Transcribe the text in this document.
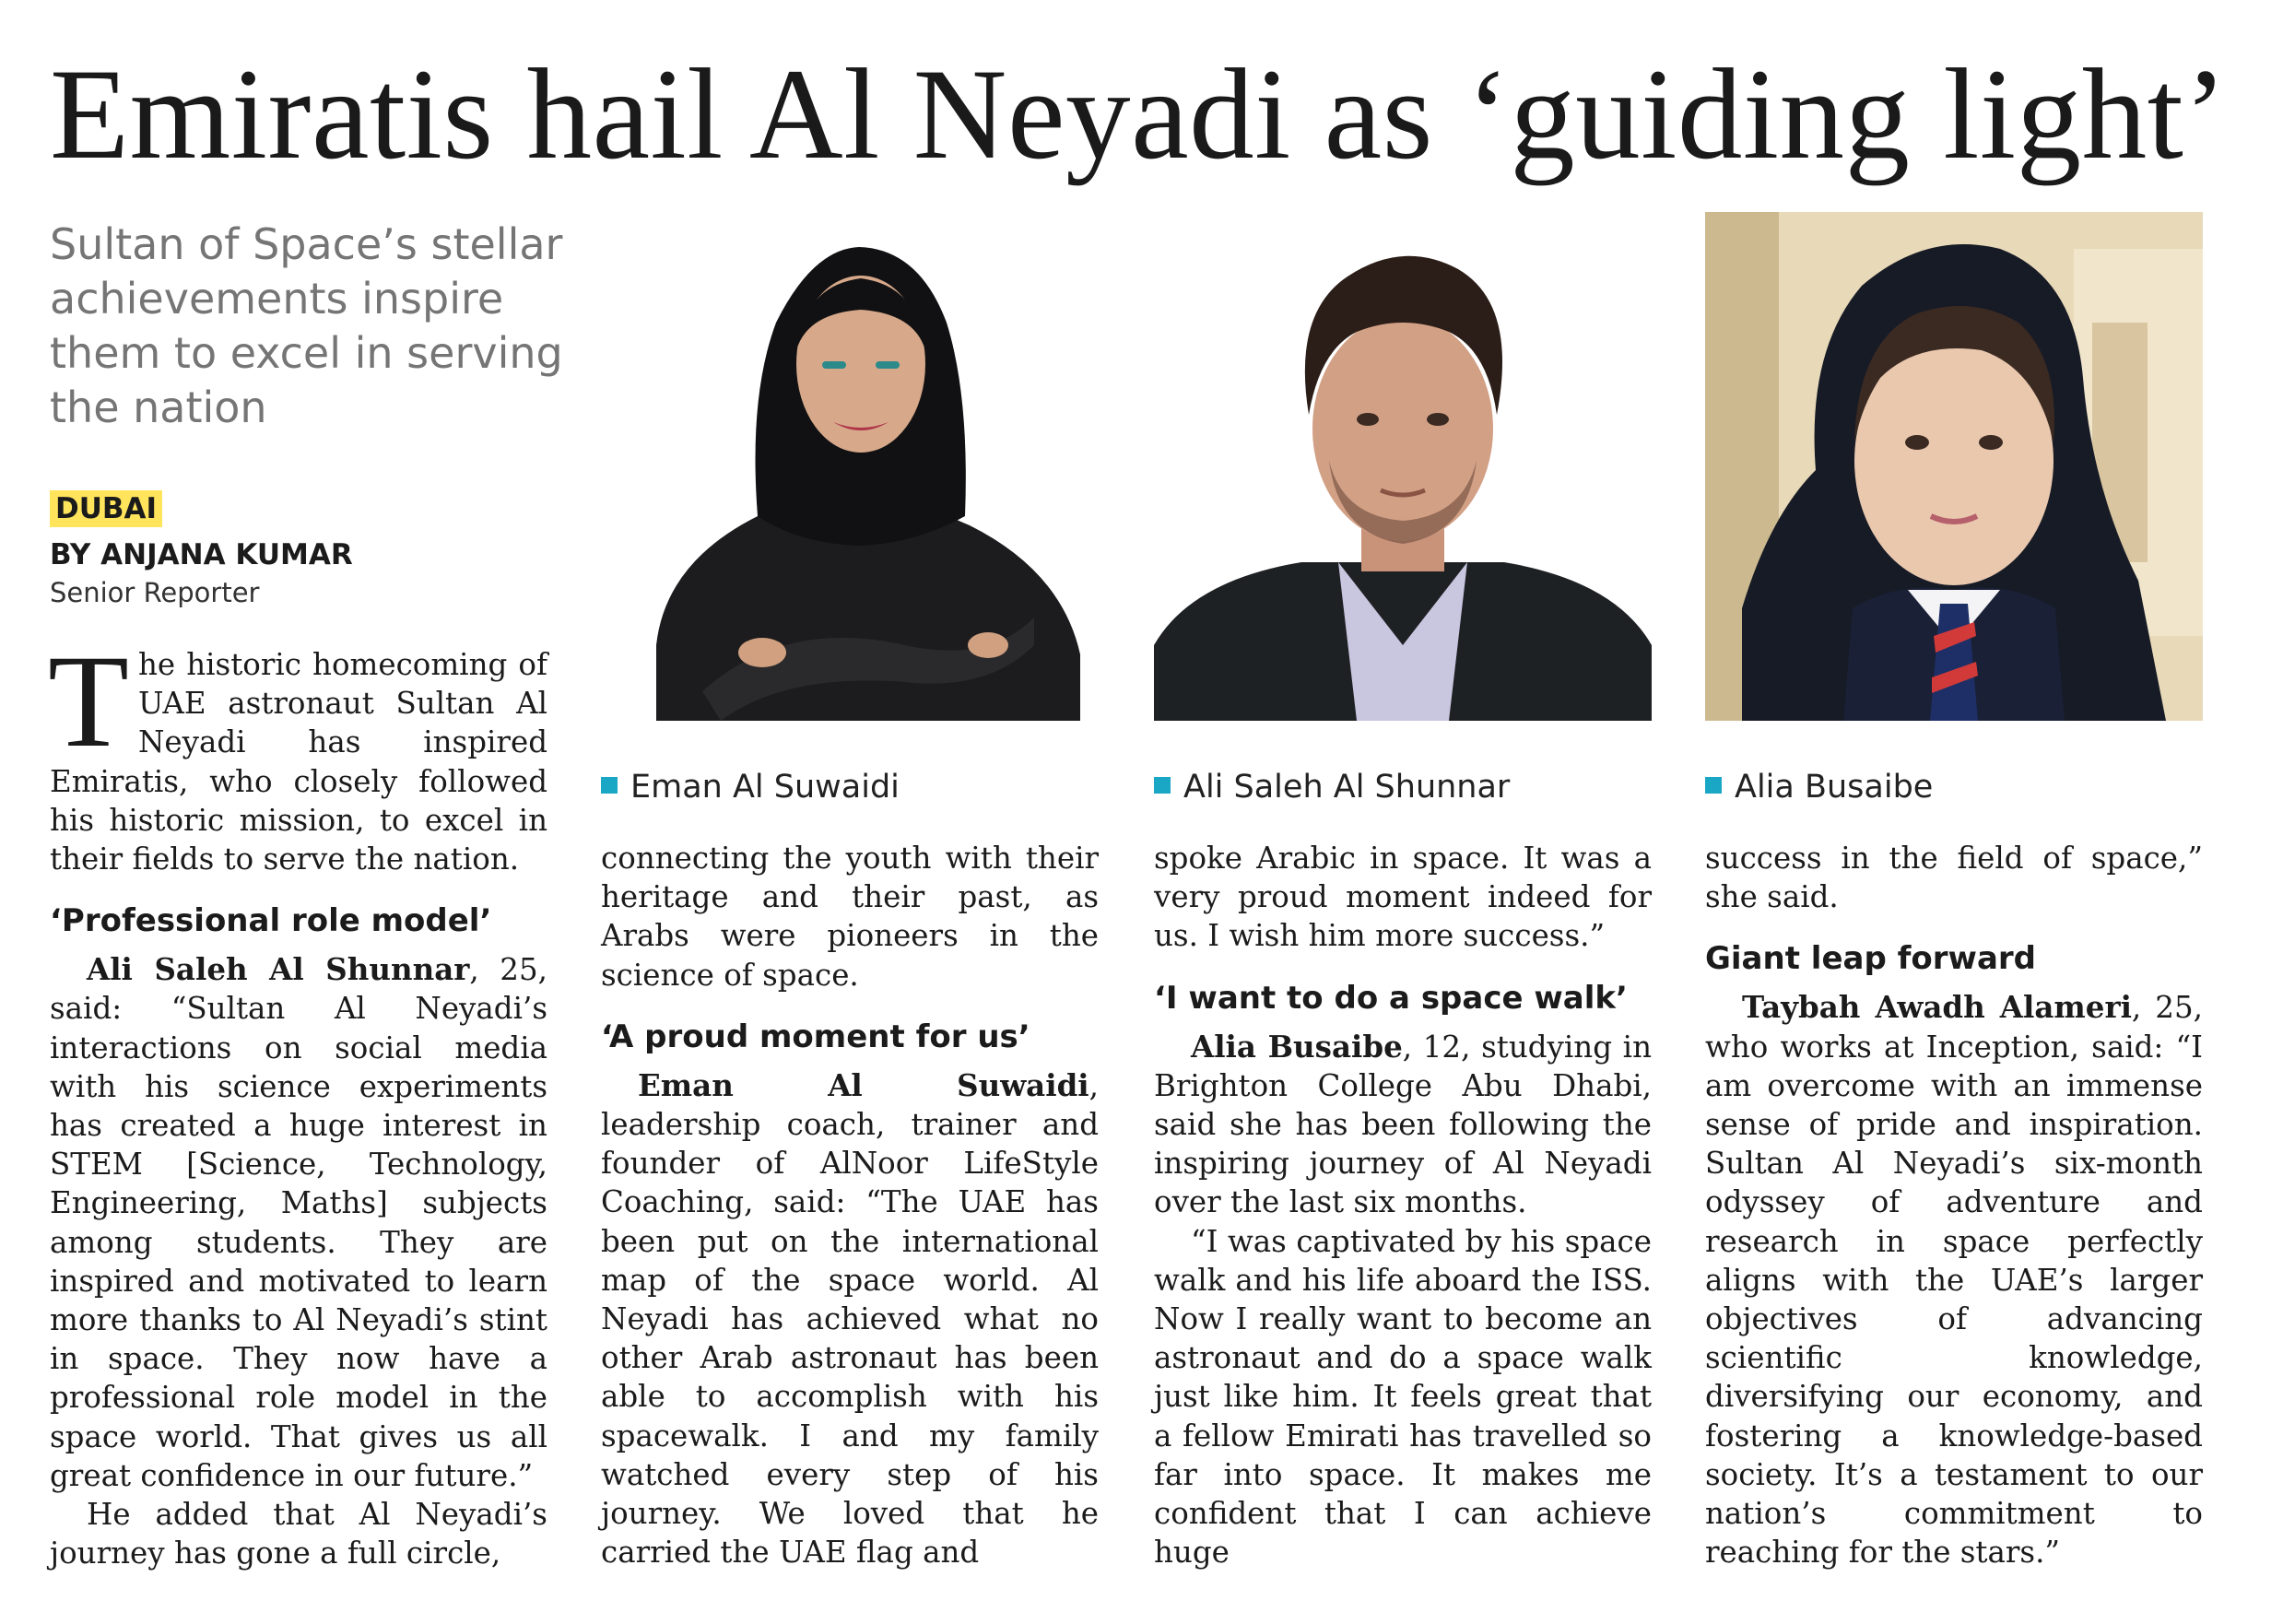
Emiratis hail Al Neyadi as ‘guiding light’
Sultan of Space’s stellar achievements inspire them to excel in serving the nation
DUBAI
BY ANJANA KUMAR
Senior Reporter

The historic homecoming of UAE astronaut Sultan Al Neyadi has inspired Emiratis, who closely followed his historic mission, to excel in their fields to serve the nation.

‘Professional role model’

Ali Saleh Al Shunnar, 25, said: “Sultan Al Neyadi’s interactions on social media with his science experiments has created a huge interest in STEM [Science, Technology, Engineering, Maths] subjects among students. They are inspired and motivated to learn more thanks to Al Neyadi’s stint in space. They now have a professional role model in the space world. That gives us all great confidence in our future.”

He added that Al Neyadi’s journey has gone a full circle,

Eman Al Suwaidi

connecting the youth with their heritage and their past, as Arabs were pioneers in the science of space.

‘A proud moment for us’

Eman Al Suwaidi, leadership coach, trainer and founder of AlNoor LifeStyle Coaching, said: “The UAE has been put on the international map of the space world. Al Neyadi has achieved what no other Arab astronaut has been able to accomplish with his spacewalk. I and my family watched every step of his journey. We loved that he carried the UAE flag and

Ali Saleh Al Shunnar

spoke Arabic in space. It was a very proud moment indeed for us. I wish him more success.”

‘I want to do a space walk’

Alia Busaibe, 12, studying in Brighton College Abu Dhabi, said she has been following the inspiring journey of Al Neyadi over the last six months.

“I was captivated by his space walk and his life aboard the ISS. Now I really want to become an astronaut and do a space walk just like him. It feels great that a fellow Emirati has travelled so far into space. It makes me confident that I can achieve huge

Alia Busaibe

success in the field of space,” she said.

Giant leap forward

Taybah Awadh Alameri, 25, who works at Inception, said: “I am overcome with an immense sense of pride and inspiration. Sultan Al Neyadi’s six-month odyssey of adventure and research in space perfectly aligns with the UAE’s larger objectives of advancing scientific knowledge, diversifying our economy, and fostering a knowledge-based society. It’s a testament to our nation’s commitment to reaching for the stars.”
